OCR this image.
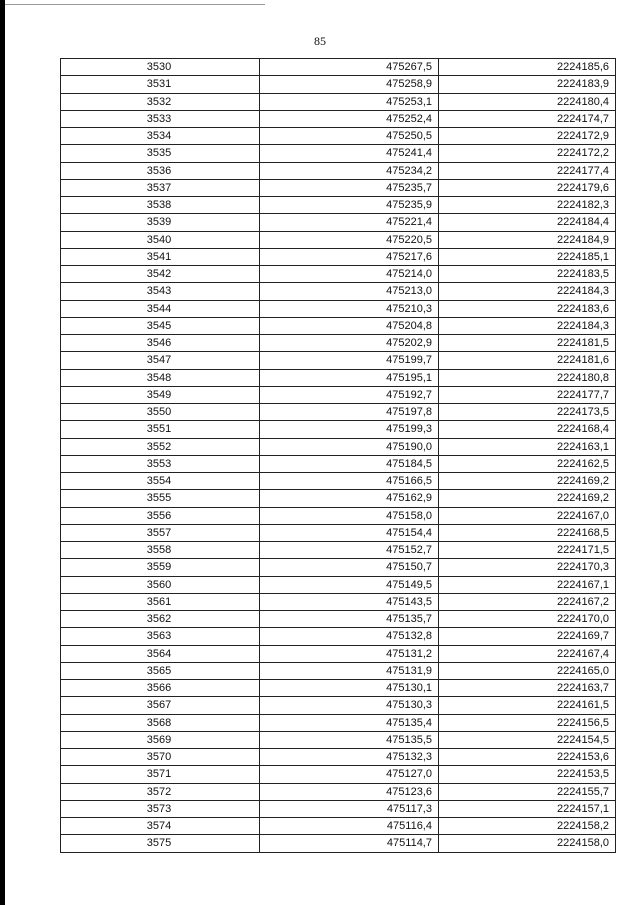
85
3530	475267,5	2224185,6
3531	475258,9	2224183,9
3532	475253,1	2224180,4
3533	475252,4	2224174,7
3534	475250,5	2224172,9
3535	475241,4	2224172,2
3536	475234,2	2224177,4
3537	475235,7	2224179,6
3538	475235,9	2224182,3
3539	475221,4	2224184,4
3540	475220,5	2224184,9
3541	475217,6	2224185,1
3542	475214,0	2224183,5
3543	475213,0	2224184,3
3544	475210,3	2224183,6
3545	475204,8	2224184,3
3546	475202,9	2224181,5
3547	475199,7	2224181,6
3548	475195,1	2224180,8
3549	475192,7	2224177,7
3550	475197,8	2224173,5
3551	475199,3	2224168,4
3552	475190,0	2224163,1
3553	475184,5	2224162,5
3554	475166,5	2224169,2
3555	475162,9	2224169,2
3556	475158,0	2224167,0
3557	475154,4	2224168,5
3558	475152,7	2224171,5
3559	475150,7	2224170,3
3560	475149,5	2224167,1
3561	475143,5	2224167,2
3562	475135,7	2224170,0
3563	475132,8	2224169,7
3564	475131,2	2224167,4
3565	475131,9	2224165,0
3566	475130,1	2224163,7
3567	475130,3	2224161,5
3568	475135,4	2224156,5
3569	475135,5	2224154,5
3570	475132,3	2224153,6
3571	475127,0	2224153,5
3572	475123,6	2224155,7
3573	475117,3	2224157,1
3574	475116,4	2224158,2
3575	475114,7	2224158,0
